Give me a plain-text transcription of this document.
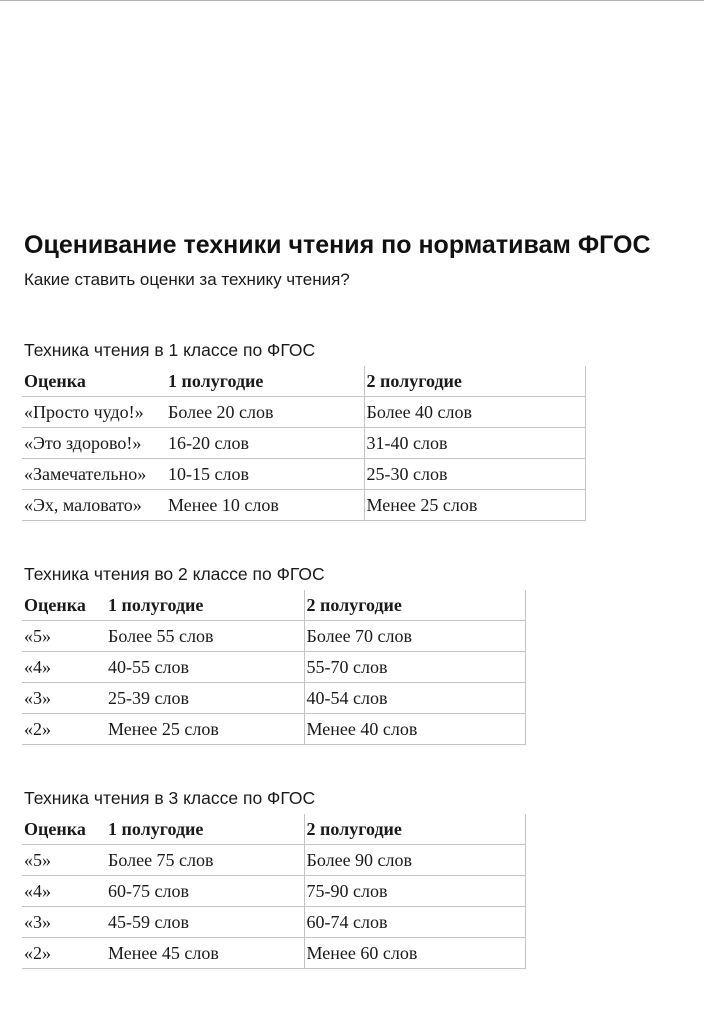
Оценивание техники чтения по нормативам ФГОС

Какие ставить оценки за технику чтения?

Техника чтения в 1 классе по ФГОС

Оценка	1 полугодие	2 полугодие
«Просто чудо!»	Более 20 слов	Более 40 слов
«Это здорово!»	16-20 слов	31-40 слов
«Замечательно»	10-15 слов	25-30 слов
«Эх, маловато»	Менее 10 слов	Менее 25 слов

Техника чтения во 2 классе по ФГОС

Оценка	1 полугодие	2 полугодие
«5»	Более 55 слов	Более 70 слов
«4»	40-55 слов	55-70 слов
«3»	25-39 слов	40-54 слов
«2»	Менее 25 слов	Менее 40 слов

Техника чтения в 3 классе по ФГОС

Оценка	1 полугодие	2 полугодие
«5»	Более 75 слов	Более 90 слов
«4»	60-75 слов	75-90 слов
«3»	45-59 слов	60-74 слов
«2»	Менее 45 слов	Менее 60 слов
